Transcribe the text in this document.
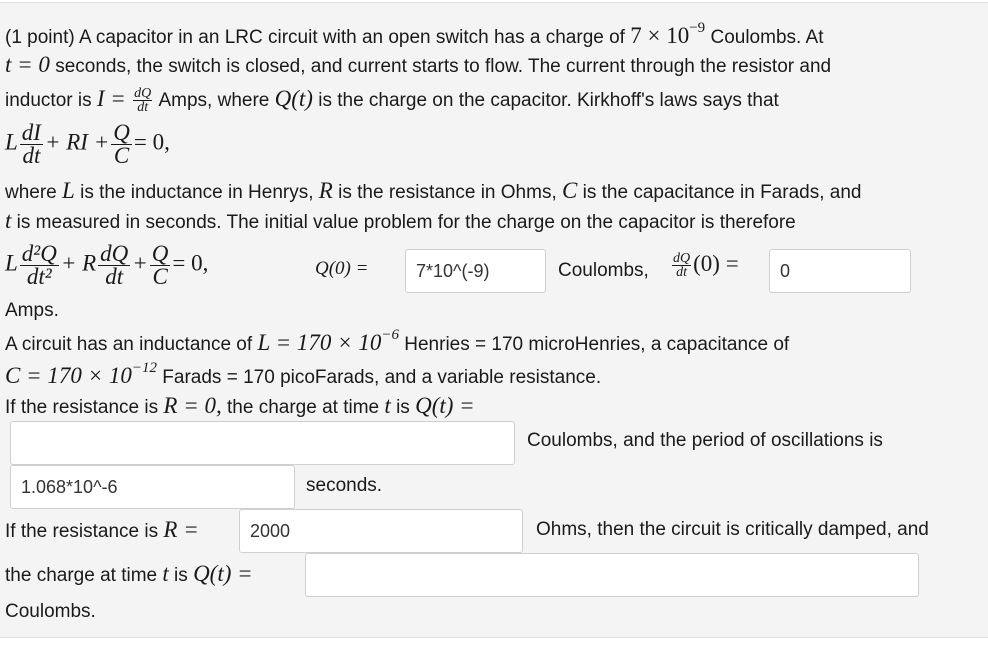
(1 point) A capacitor in an LRC circuit with an open switch has a charge of $7 \times 10^{-9}$ Coulombs. At
t = 0 seconds, the switch is closed, and current starts to flow. The current through the resistor and
inductor is $I = \frac{dQ}{dt}$ Amps, where Q(t) is the charge on the capacitor. Kirkhoff's laws says that
L $\frac{dI}{dt}$ + RI + $\frac{Q}{C} = 0$,
where L is the inductance in Henrys, R is the resistance in Ohms, C is the capacitance in Farads, and
t is measured in seconds. The initial value problem for the charge on the capacitor is therefore
L $\frac{\text{d²Q}}{\text{dt²}} + R \frac{dQ}{dt} + \frac{Q}{C} = 0$,	Q(0) =	7*10^(-9)	Coulombs, $\frac{dQ}{dt} (0)$ =	0
Amps.
A circuit has an inductance of $L = 170 \times 10^{-6}$ Henries = 170 microHenries, a capacitance of
$C = 170 \times 10^{-12}$ Farads = 170 picoFarads, and a variable resistance.
If the resistance is R = 0, the charge at time t is Q(t) =
Coulombs, and the period of oscillations is
1.068*10^-6	seconds.
If the resistance is R =	2000	Ohms, then the circuit is critically damped, and
the charge at time t is Q(t) =
Coulombs.
